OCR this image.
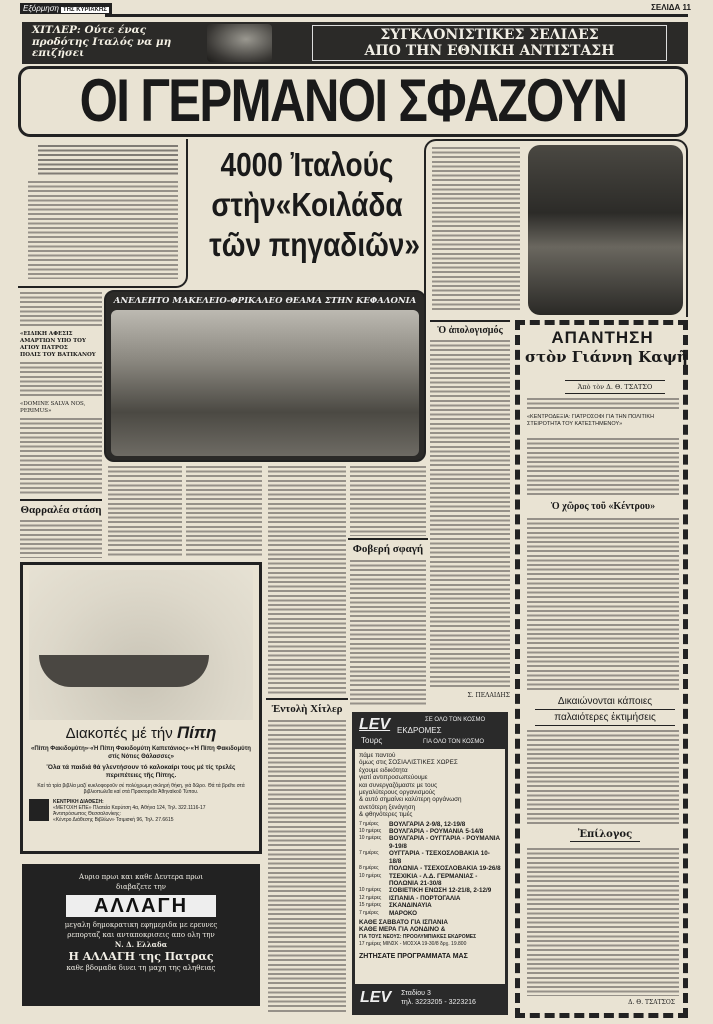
Εξόρμηση ΤΗΣ ΚΥΡΙΑΚΗΣ	ΣΕΛΙΔΑ 11
ΧΙΤΛΕΡ: Ούτε ένας προδότης Ιταλός να μη επιζήσει
ΣΥΓΚΛΟΝΙΣΤΙΚΕΣ ΣΕΛΙΔΕΣ
ΑΠΟ ΤΗΝ ΕΘΝΙΚΗ ΑΝΤΙΣΤΑΣΗ
ΟΙ ΓΕΡΜΑΝΟΙ ΣΦΑΖΟΥΝ
4000 Ἰταλούς
στὴν«Κοιλάδα
τῶν πηγαδιῶν»
«ΕΙΔΙΚΗ ΑΦΕΣΙΣ ΑΜΑΡΤΙΩΝ ΥΠΟ ΤΟΥ ΑΓΙΟΥ ΠΑΤΡΟΣ
ΠΟΛΙΣ ΤΟΥ ΒΑΤΙΚΑΝΟΥ
«DOMINE SALVA NOS, PERIMUS»
Θαρραλέα στάση
ΑΝΕΛΕΗΤΟ ΜΑΚΕΛΕΙΟ-ΦΡΙΚΑΛΕΟ ΘΕΑΜΑ ΣΤΗΝ ΚΕΦΑΛΟΝΙΑ
Ἐντολὴ Χίτλερ
Φοβερή σφαγή
Ὁ ἀπολογισμός
Σ. ΠΕΛΑΙΔΗΣ
ΑΠΑΝΤΗΣΗ
στὸν Γιάννη Καψῆ
Ἀπὸ τὸν Δ. Θ. ΤΣΑΤΣΟ
«ΚΕΝΤΡΟΔΕΞΙΑ: ΓΙΑΤΡΟΣΟΦΙ ΓΙΑ ΤΗΝ ΠΟΛΙΤΙΚΗ ΣΤΕΙΡΟΤΗΤΑ ΤΟΥ ΚΑΤΕΣΤΗΜΕΝΟΥ»
Ὁ χῶρος τοῦ «Κέντρου»
Δικαιώνονται κάποιες
παλαιότερες ἐκτιμήσεις
Ἐπίλογος
Δ. Θ. ΤΣΑΤΣΟΣ
Διακοπές μέ τήν Πίπη
«Πίπη Φακιδομύτη»·«Ἡ Πίπη Φακιδομύτη Καπετάνιος»·«Ἡ Πίπη Φακιδομύτη στίς Νότιες Θάλασσες»
Ὅλα τά παιδιά θά γλεντήσουν τό καλοκαίρι τους μέ τίς τρελές περιπέτειες τῆς Πίπης.
Καί τά τρία βιβλία μαζί κυκλοφοροῦν σέ πολύχρωμη σκληρή θήκη, γιά δῶρο. Θά τά βρεῖτε στά βιβλιοπωλεῖα καί στά Πρακτορεῖα Ἀθηναϊκοῦ Τύπου.
ΚΕΝΤΡΙΚΗ ΔΙΑΘΕΣΗ:
«ΜΕΤΟΧΗ ΕΠΕ» Πλατεία Καρύτση 4α, Ἀθήνα 124, Τηλ. 322.1116-17
Ἀντιπρόσωπος Θεσσαλονίκης:
«Κέντρο Διάθεσης Βιβλίων» Τσιμισκή 96, Τηλ. 27.6615
Αυριο πρωι και καθε Δευτερα πρωι
διαβαζετε την
ΑΛΛΑΓΗ
μεγαλη δημοκρατικη εφημεριδα με ερευνες
ρεπορταζ και ανταποκρισεις απο ολη την
Ν. Δ. Ελλαδα
Η ΑΛΛΑΓΗ της Πατρας
καθε βδομαδα δινει τη μαχη της αληθειας
LEV
Τουρς
ΣΕ ΟΛΟ ΤΟΝ ΚΟΣΜΟ
ΕΚΔΡΟΜΕΣ
ΓΙΑ ΟΛΟ ΤΟΝ ΚΟΣΜΟ
πάμε παντού
όμως στις ΣΟΣΙΑΛΙΣΤΙΚΕΣ ΧΩΡΕΣ
έχουμε ειδικότητα
γιατί αντιπροσωπεύουμε
και συνεργαζόμαστε με τους
μεγαλύτερους οργανισμούς
& αυτό σημαίνει καλύτερη οργάνωση
ανετότερη ξενάγηση
& φθηνότερες τιμές
7 ημέρες	ΒΟΥΛΓΑΡΙΑ 2-9/8, 12-19/8
10 ημέρες	ΒΟΥΛΓΑΡΙΑ - ΡΟΥΜΑΝΙΑ 5-14/8
10 ημέρες	ΒΟΥΛΓΑΡΙΑ - ΟΥΓΓΑΡΙΑ - ΡΟΥΜΑΝΙΑ 9-19/8
7 ημέρες	ΟΥΓΓΑΡΙΑ - ΤΣΕΧΟΣΛΟΒΑΚΙΑ 10-18/8
8 ημέρες	ΠΟΛΩΝΙΑ - ΤΣΕΧΟΣΛΟΒΑΚΙΑ 19-26/8
10 ημέρες	ΤΣΕΧΙΚΙΑ - Λ.Δ. ΓΕΡΜΑΝΙΑΣ - ΠΟΛΩΝΙΑ 21-30/8
10 ημέρες	ΣΟΒΙΕΤΙΚΗ ΕΝΩΣΗ 12-21/8, 2-12/9
12 ημέρες	ΙΣΠΑΝΙΑ - ΠΟΡΤΟΓΑΛΙΑ
15 ημέρες	ΣΚΑΝΔΙΝΑΥΙΑ
7 ημέρες	ΜΑΡΟΚΟ
ΚΑΘΕ ΣΑΒΒΑΤΟ ΓΙΑ ΙΣΠΑΝΙΑ
ΚΑΘΕ ΜΕΡΑ ΓΙΑ ΛΟΝΔΙΝΟ &
ΓΙΑ ΤΟΥΣ ΝΕΟΥΣ: ΠΡΟΟΛΥΜΠΙΑΚΕΣ ΕΚΔΡΟΜΕΣ
17 ημέρες ΜΙΝΣΚ - ΜΟΣΧΑ 19-30/8 δρχ. 19.800
ΖΗΤΗΣΑΤΕ ΠΡΟΓΡΑΜΜΑΤΑ ΜΑΣ
LEV Σταδίου 3
τηλ. 3223205 - 3223216
